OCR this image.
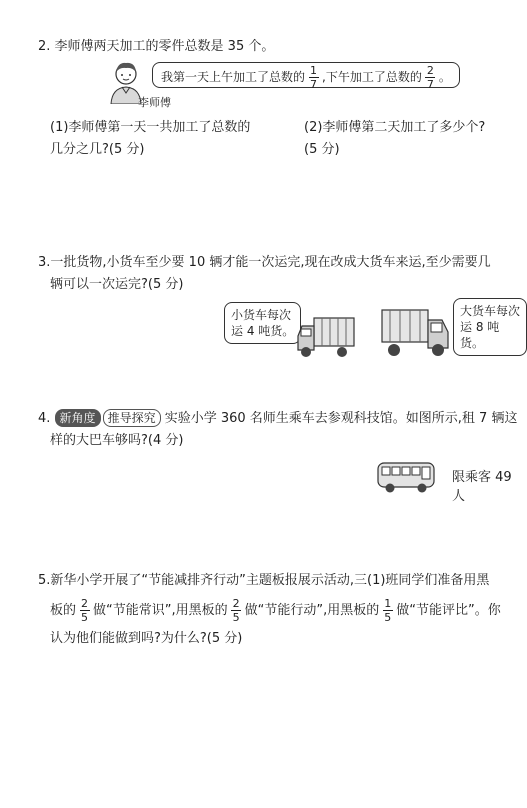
2. 李师傅两天加工的零件总数是 35 个。
李师傅
我第一天上午加工了总数的 $\frac{1}{7}$ ,下午加工了总数的 $\frac{2}{7}$ 。
(1)李师傅第一天一共加工了总数的
几分之几?(5 分)
(2)李师傅第二天加工了多少个?
(5 分)
3.一批货物,小货车至少要 10 辆才能一次运完,现在改成大货车来运,至少需要几
辆可以一次运完?(5 分)
小货车每次
运 4 吨货。
大货车每次
运 8 吨货。
4. 新角度 推导探究 实验小学 360 名师生乘车去参观科技馆。如图所示,租 7 辆这
样的大巴车够吗?(4 分)
限乘客 49 人
5.新华小学开展了“节能减排齐行动”主题板报展示活动,三(1)班同学们准备用黑
板的 $\frac{2}{5}$ 做“节能常识”,用黑板的 $\frac{2}{5}$ 做“节能行动”,用黑板的 $\frac{1}{5}$ 做“节能评比”。你
认为他们能做到吗?为什么?(5 分)
